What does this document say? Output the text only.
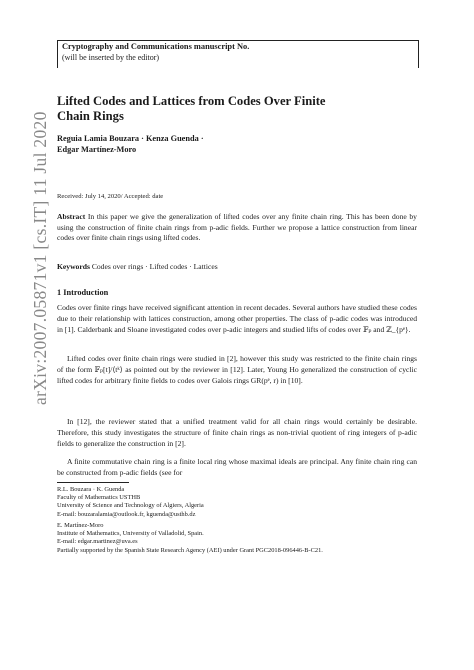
Cryptography and Communications manuscript No.
(will be inserted by the editor)
Lifted Codes and Lattices from Codes Over Finite Chain Rings
Reguia Lamia Bouzara · Kenza Guenda ·
Edgar Martínez-Moro
Received: July 14, 2020/ Accepted: date
Abstract In this paper we give the generalization of lifted codes over any finite chain ring. This has been done by using the construction of finite chain rings from p-adic fields. Further we propose a lattice construction from linear codes over finite chain rings using lifted codes.
Keywords Codes over rings · Lifted codes · Lattices
1 Introduction
Codes over finite rings have received significant attention in recent decades. Several authors have studied these codes due to their relationship with lattices construction, among other properties. The class of p-adic codes was introduced in [1]. Calderbank and Sloane investigated codes over p-adic integers and studied lifts of codes over 𝔽ₚ and ℤ_{pᵉ}.
Lifted codes over finite chain rings were studied in [2], however this study was restricted to the finite chain rings of the form 𝔽ₚ[t]/⟨tᵏ⟩ as pointed out by the reviewer in [12]. Later, Young Ho generalized the construction of cyclic lifted codes for arbitrary finite fields to codes over Galois rings GR(pᵉ, r) in [10].
In [12], the reviewer stated that a unified treatment valid for all chain rings would certainly be desirable. Therefore, this study investigates the structure of finite chain rings as non-trivial quotient of ring integers of p-adic fields to generalize the construction in [2].
A finite commutative chain ring is a finite local ring whose maximal ideals are principal. Any finite chain ring can be constructed from p-adic fields (see for
R.L. Bouzara · K. Guenda
Faculty of Mathematics USTHB
University of Science and Technology of Algiers, Algeria
E-mail: bouzaralamia@outlook.fr, kguenda@usthb.dz
E. Martínez-Moro
Institute of Mathematics, University of Valladolid, Spain.
E-mail: edgar.martinez@uva.es
Partially supported by the Spanish State Research Agency (AEI) under Grant PGC2018-096446-B-C21.
arXiv:2007.05871v1 [cs.IT] 11 Jul 2020
